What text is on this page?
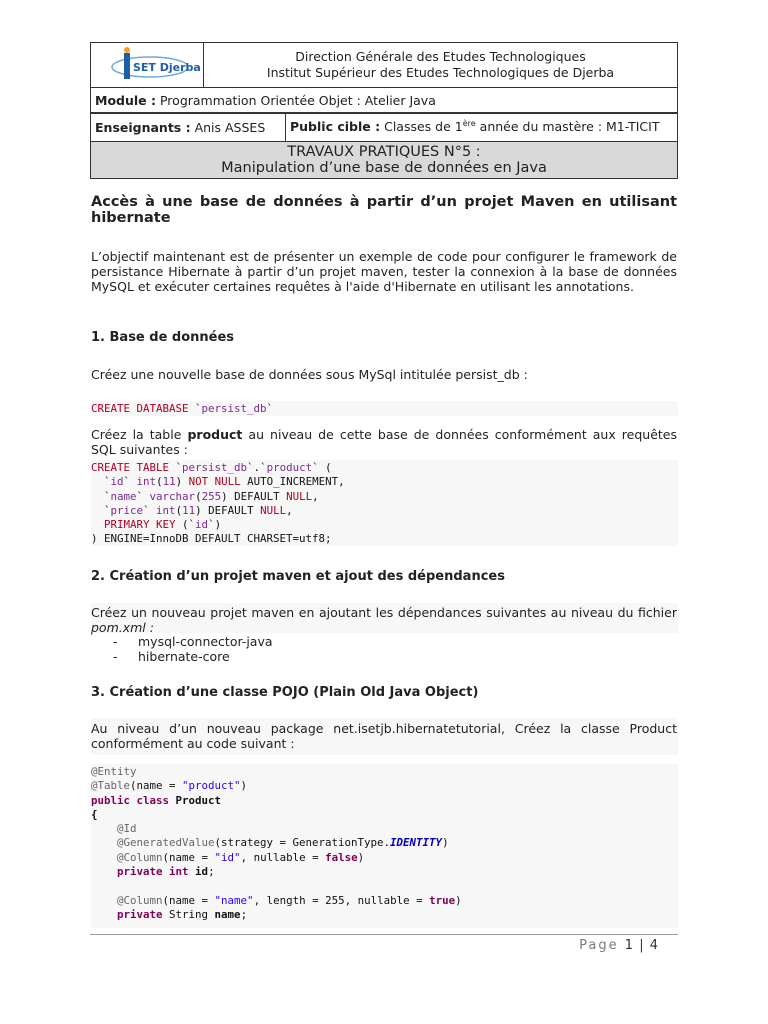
SET Djerba

Direction Générale des Etudes Technologiques
Institut Supérieur des Etudes Technologiques de Djerba

Module : Programmation Orientée Objet : Atelier Java
Enseignants : Anis ASSES	Public cible : Classes de 1ère année du mastère : M1-TICIT

TRAVAUX PRATIQUES N°5 :
Manipulation d’une base de données en Java
Accès à une base de données à partir d’un projet Maven en utilisant
hibernate
L’objectif maintenant est de présenter un exemple de code pour configurer le framework de persistance Hibernate à partir d’un projet maven, tester la connexion à la base de données MySQL et exécuter certaines requêtes à l'aide d'Hibernate en utilisant les annotations.
1. Base de données
Créez une nouvelle base de données sous MySql intitulée persist_db :
CREATE DATABASE `persist_db`
Créez la table product au niveau de cette base de données conformément aux requêtes SQL suivantes :
CREATE TABLE `persist_db`.`product` (
`id` int(11) NOT NULL AUTO_INCREMENT,
`name` varchar(255) DEFAULT NULL,
`price` int(11) DEFAULT NULL,
PRIMARY KEY (`id`)
) ENGINE=InnoDB DEFAULT CHARSET=utf8;
2. Création d’un projet maven et ajout des dépendances
Créez un nouveau projet maven en ajoutant les dépendances suivantes au niveau du fichier pom.xml :
- mysql-connector-java
- hibernate-core
3. Création d’une classe POJO (Plain Old Java Object)
Au niveau d’un nouveau package net.isetjb.hibernatetutorial, Créez la classe Product conformément au code suivant :
@Entity
@Table(name = "product")
public class Product
{
@Id
@GeneratedValue(strategy = GenerationType.IDENTITY)
@Column(name = "id", nullable = false)
private int id;

@Column(name = "name", length = 255, nullable = true)
private String name;
Page 1 | 4
